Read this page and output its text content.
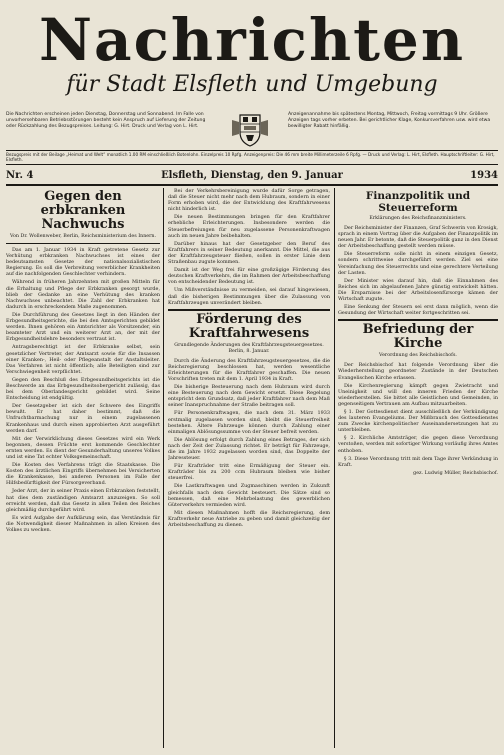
Nachrichten
für Stadt Elsfleth und Umgebung
Die Nachrichten erscheinen jeden Dienstag, Donnerstag und Sonnabend. Im Falle von unvorhersehbaren Betriebsstörungen besteht kein Anspruch auf Lieferung der Zeitung oder Rückzahlung des Bezugspreises. Leitung: G. Hirt. Druck und Verlag von L. Hirt.
Anzeigenannahme bis spätestens Montag, Mittwoch, Freitag vormittags 9 Uhr. Größere Anzeigen tags vorher erbeten. Bei gerichtlicher Klage, Konkursverfahren usw. wird etwa bewilligter Rabatt hinfällig.
Bezugspreis mit der Beilage „Heimat und Welt“ monatlich 1.00 RM einschließlich Botenlohn. Einzelpreis 10 Rpfg. Anzeigenpreis: Die 46 mm breite Millimeterzeile 6 Rpfg. — Druck und Verlag: L. Hirt, Elsfleth. Hauptschriftleiter: G. Hirt, Elsfleth.
Nr. 4	Elsfleth, Dienstag, den 9. Januar	1934
Gegen den erbkranken Nachwuchs
Von Dr. Wollenweber, Berlin, Reichsministerium des Innern.

Das am 1. Januar 1934 in Kraft getretene Gesetz zur Verhütung erbkranken Nachwuchses ist eines der bedeutsamsten Gesetze der nationalsozialistischen Regierung. Es soll die Verbreitung vererblicher Krankheiten auf die nachfolgenden Geschlechter verhindern.

Während in früheren Jahrzehnten mit großen Mitteln für die Erhaltung und Pflege der Erbkranken gesorgt wurde, blieb der Gedanke an eine Verhütung des kranken Nachwuchses unbeachtet. Die Zahl der Erbkranken hat dadurch in erschreckendem Maße zugenommen.

Die Durchführung des Gesetzes liegt in den Händen der Erbgesundheitsgerichte, die bei den Amtsgerichten gebildet werden. Ihnen gehören ein Amtsrichter als Vorsitzender, ein beamteter Arzt und ein weiterer Arzt an, der mit der Erbgesundheitslehre besonders vertraut ist.

Antragsberechtigt ist der Erbkranke selbst, sein gesetzlicher Vertreter, der Amtsarzt sowie für die Insassen einer Kranken-, Heil- oder Pflegeanstalt der Anstaltsleiter. Das Verfahren ist nicht öffentlich; alle Beteiligten sind zur Verschwiegenheit verpflichtet.

Gegen den Beschluß des Erbgesundheitsgerichts ist die Beschwerde an das Erbgesundheitsobergericht zulässig, das bei dem Oberlandesgericht gebildet wird. Seine Entscheidung ist endgültig.

Der Gesetzgeber ist sich der Schwere des Eingriffs bewußt. Er hat daher bestimmt, daß die Unfruchtbarmachung nur in einem zugelassenen Krankenhaus und durch einen approbierten Arzt ausgeführt werden darf.

Mit der Verwirklichung dieses Gesetzes wird ein Werk begonnen, dessen Früchte erst kommende Geschlechter ernten werden. Es dient der Gesunderhaltung unseres Volkes und ist eine Tat echter Volksgemeinschaft.

Die Kosten des Verfahrens trägt die Staatskasse. Die Kosten des ärztlichen Eingriffs übernehmen bei Versicherten die Krankenkasse, bei anderen Personen im Falle der Hilfsbedürftigkeit der Fürsorgeverband.

Jeder Arzt, der in seiner Praxis einen Erbkranken feststellt, hat dies dem zuständigen Amtsarzt anzuzeigen. So soll erreicht werden, daß das Gesetz in allen Teilen des Reiches gleichmäßig durchgeführt wird.

Es wird Aufgabe der Aufklärung sein, das Verständnis für die Notwendigkeit dieser Maßnahmen in allen Kreisen des Volkes zu wecken.

Bei der Verkehrsbereinigung wurde dafür Sorge getragen, daß die Steuer nicht mehr nach dem Hubraum, sondern in einer Form erhoben wird, die der Entwicklung des Kraftfahrwesens nicht hinderlich ist.

Die neuen Bestimmungen bringen für den Kraftfahrer erhebliche Erleichterungen. Insbesondere werden die Steuerbefreiungen für neu zugelassene Personenkraftwagen auch im neuen Jahre beibehalten.

Darüber hinaus hat der Gesetzgeber den Beruf des Kraftfahrers in seiner Bedeutung anerkannt. Die Mittel, die aus der Kraftfahrzeugsteuer fließen, sollen in erster Linie dem Straßenbau zugute kommen.

Damit ist der Weg frei für eine großzügige Förderung des deutschen Kraftverkehrs, die im Rahmen der Arbeitsbeschaffung von entscheidender Bedeutung ist.

Um Mißverständnisse zu vermeiden, sei darauf hingewiesen, daß die bisherigen Bestimmungen über die Zulassung von Kraftfahrzeugen unverändert bleiben.

Förderung des Kraftfahrwesens
Grundlegende Änderungen des Kraftfahrzeugsteuergesetzes. Berlin, 8. Januar.

Durch die Änderung des Kraftfahrzeugsteuergesetzes, die die Reichsregierung beschlossen hat, werden wesentliche Erleichterungen für die Kraftfahrer geschaffen. Die neuen Vorschriften treten mit dem 1. April 1934 in Kraft.

Die bisherige Besteuerung nach dem Hubraum wird durch eine Besteuerung nach dem Gewicht ersetzt. Diese Regelung entspricht dem Grundsatz, daß jeder Kraftfahrer nach dem Maß seiner Inanspruchnahme der Straße beitragen soll.

Für Personenkraftwagen, die nach dem 31. März 1933 erstmalig zugelassen worden sind, bleibt die Steuerfreiheit bestehen. Ältere Fahrzeuge können durch Zahlung einer einmaligen Ablösungssumme von der Steuer befreit werden.

Die Ablösung erfolgt durch Zahlung eines Betrages, der sich nach der Zeit der Zulassung richtet. Er beträgt für Fahrzeuge, die im Jahre 1932 zugelassen worden sind, das Doppelte der Jahressteuer.

Für Krafträder tritt eine Ermäßigung der Steuer ein. Krafträder bis zu 200 ccm Hubraum bleiben wie bisher steuerfrei.

Die Lastkraftwagen und Zugmaschinen werden in Zukunft gleichfalls nach dem Gewicht besteuert. Die Sätze sind so bemessen, daß eine Mehrbelastung des gewerblichen Güterverkehrs vermieden wird.

Mit diesen Maßnahmen hofft die Reichsregierung, dem Kraftverkehr neue Antriebe zu geben und damit gleichzeitig der Arbeitsbeschaffung zu dienen.

Finanzpolitik und Steuerreform
Erklärungen des Reichsfinanzministers.

Der Reichsminister der Finanzen, Graf Schwerin von Krosigk, sprach in einem Vortrag über die Aufgaben der Finanzpolitik im neuen Jahr. Er betonte, daß die Steuerpolitik ganz in den Dienst der Arbeitsbeschaffung gestellt werden müsse.

Die Steuerreform solle nicht in einem einzigen Gesetz, sondern schrittweise durchgeführt werden. Ziel sei eine Vereinfachung des Steuerrechts und eine gerechtere Verteilung der Lasten.

Der Minister wies darauf hin, daß die Einnahmen des Reiches sich im abgelaufenen Jahre günstig entwickelt hätten. Die Ersparnisse bei der Arbeitslosenfürsorge kämen der Wirtschaft zugute.

Eine Senkung der Steuern sei erst dann möglich, wenn die Gesundung der Wirtschaft weiter fortgeschritten sei.

Befriedung der Kirche
Verordnung des Reichsbischofs.

Der Reichsbischof hat folgende Verordnung über die Wiederherstellung geordneter Zustände in der Deutschen Evangelischen Kirche erlassen.

Die Kirchenregierung kämpft gegen Zwietracht und Uneinigkeit und will den inneren Frieden der Kirche wiederherstellen. Sie bittet alle Geistlichen und Gemeinden, in gegenseitigem Vertrauen am Aufbau mitzuarbeiten.

§ 1. Der Gottesdienst dient ausschließlich der Verkündigung des lauteren Evangeliums. Der Mißbrauch des Gottesdienstes zum Zwecke kirchenpolitischer Auseinandersetzungen hat zu unterbleiben.

§ 2. Kirchliche Amtsträger, die gegen diese Verordnung verstoßen, werden mit sofortiger Wirkung vorläufig ihres Amtes enthoben.

§ 3. Diese Verordnung tritt mit dem Tage ihrer Verkündung in Kraft.

gez. Ludwig Müller, Reichsbischof.
